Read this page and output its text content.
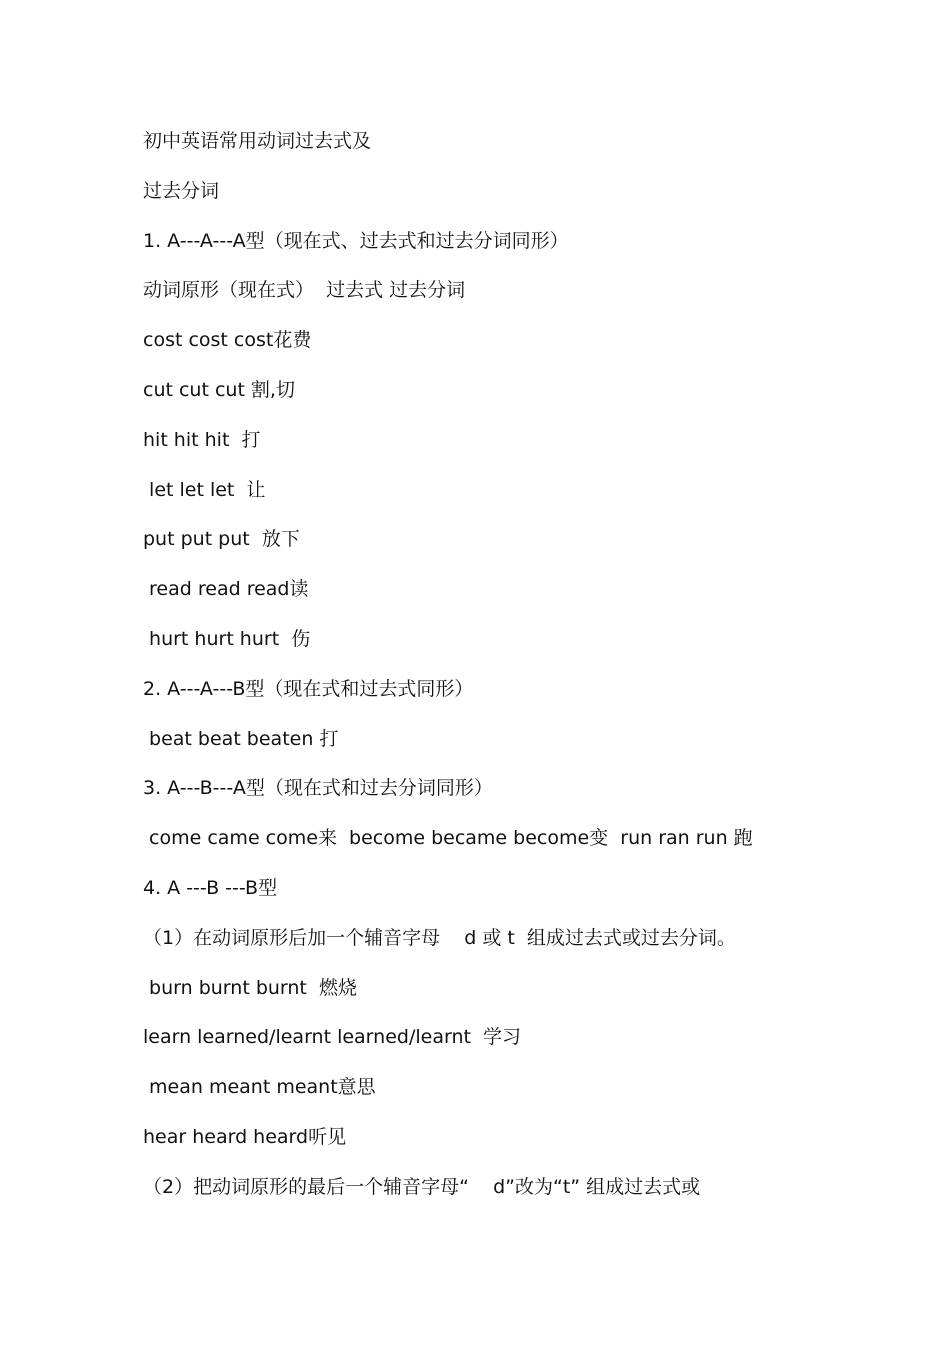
初中英语常用动词过去式及
过去分词
1. A---A---A型（现在式、过去式和过去分词同形）
动词原形（现在式）  过去式 过去分词
cost cost cost花费
cut cut cut 割,切
hit hit hit  打
let let let  让
put put put  放下
read read read读
hurt hurt hurt  伤
2. A---A---B型（现在式和过去式同形）
beat beat beaten 打
3. A---B---A型（现在式和过去分词同形）
come came come来  become became become变  run ran run 跑
4. A ---B ---B型
（1）在动词原形后加一个辅音字母    d 或 t  组成过去式或过去分词。
burn burnt burnt  燃烧
learn learned/learnt learned/learnt  学习
mean meant meant意思
hear heard heard听见
（2）把动词原形的最后一个辅音字母“    d”改为“t” 组成过去式或
